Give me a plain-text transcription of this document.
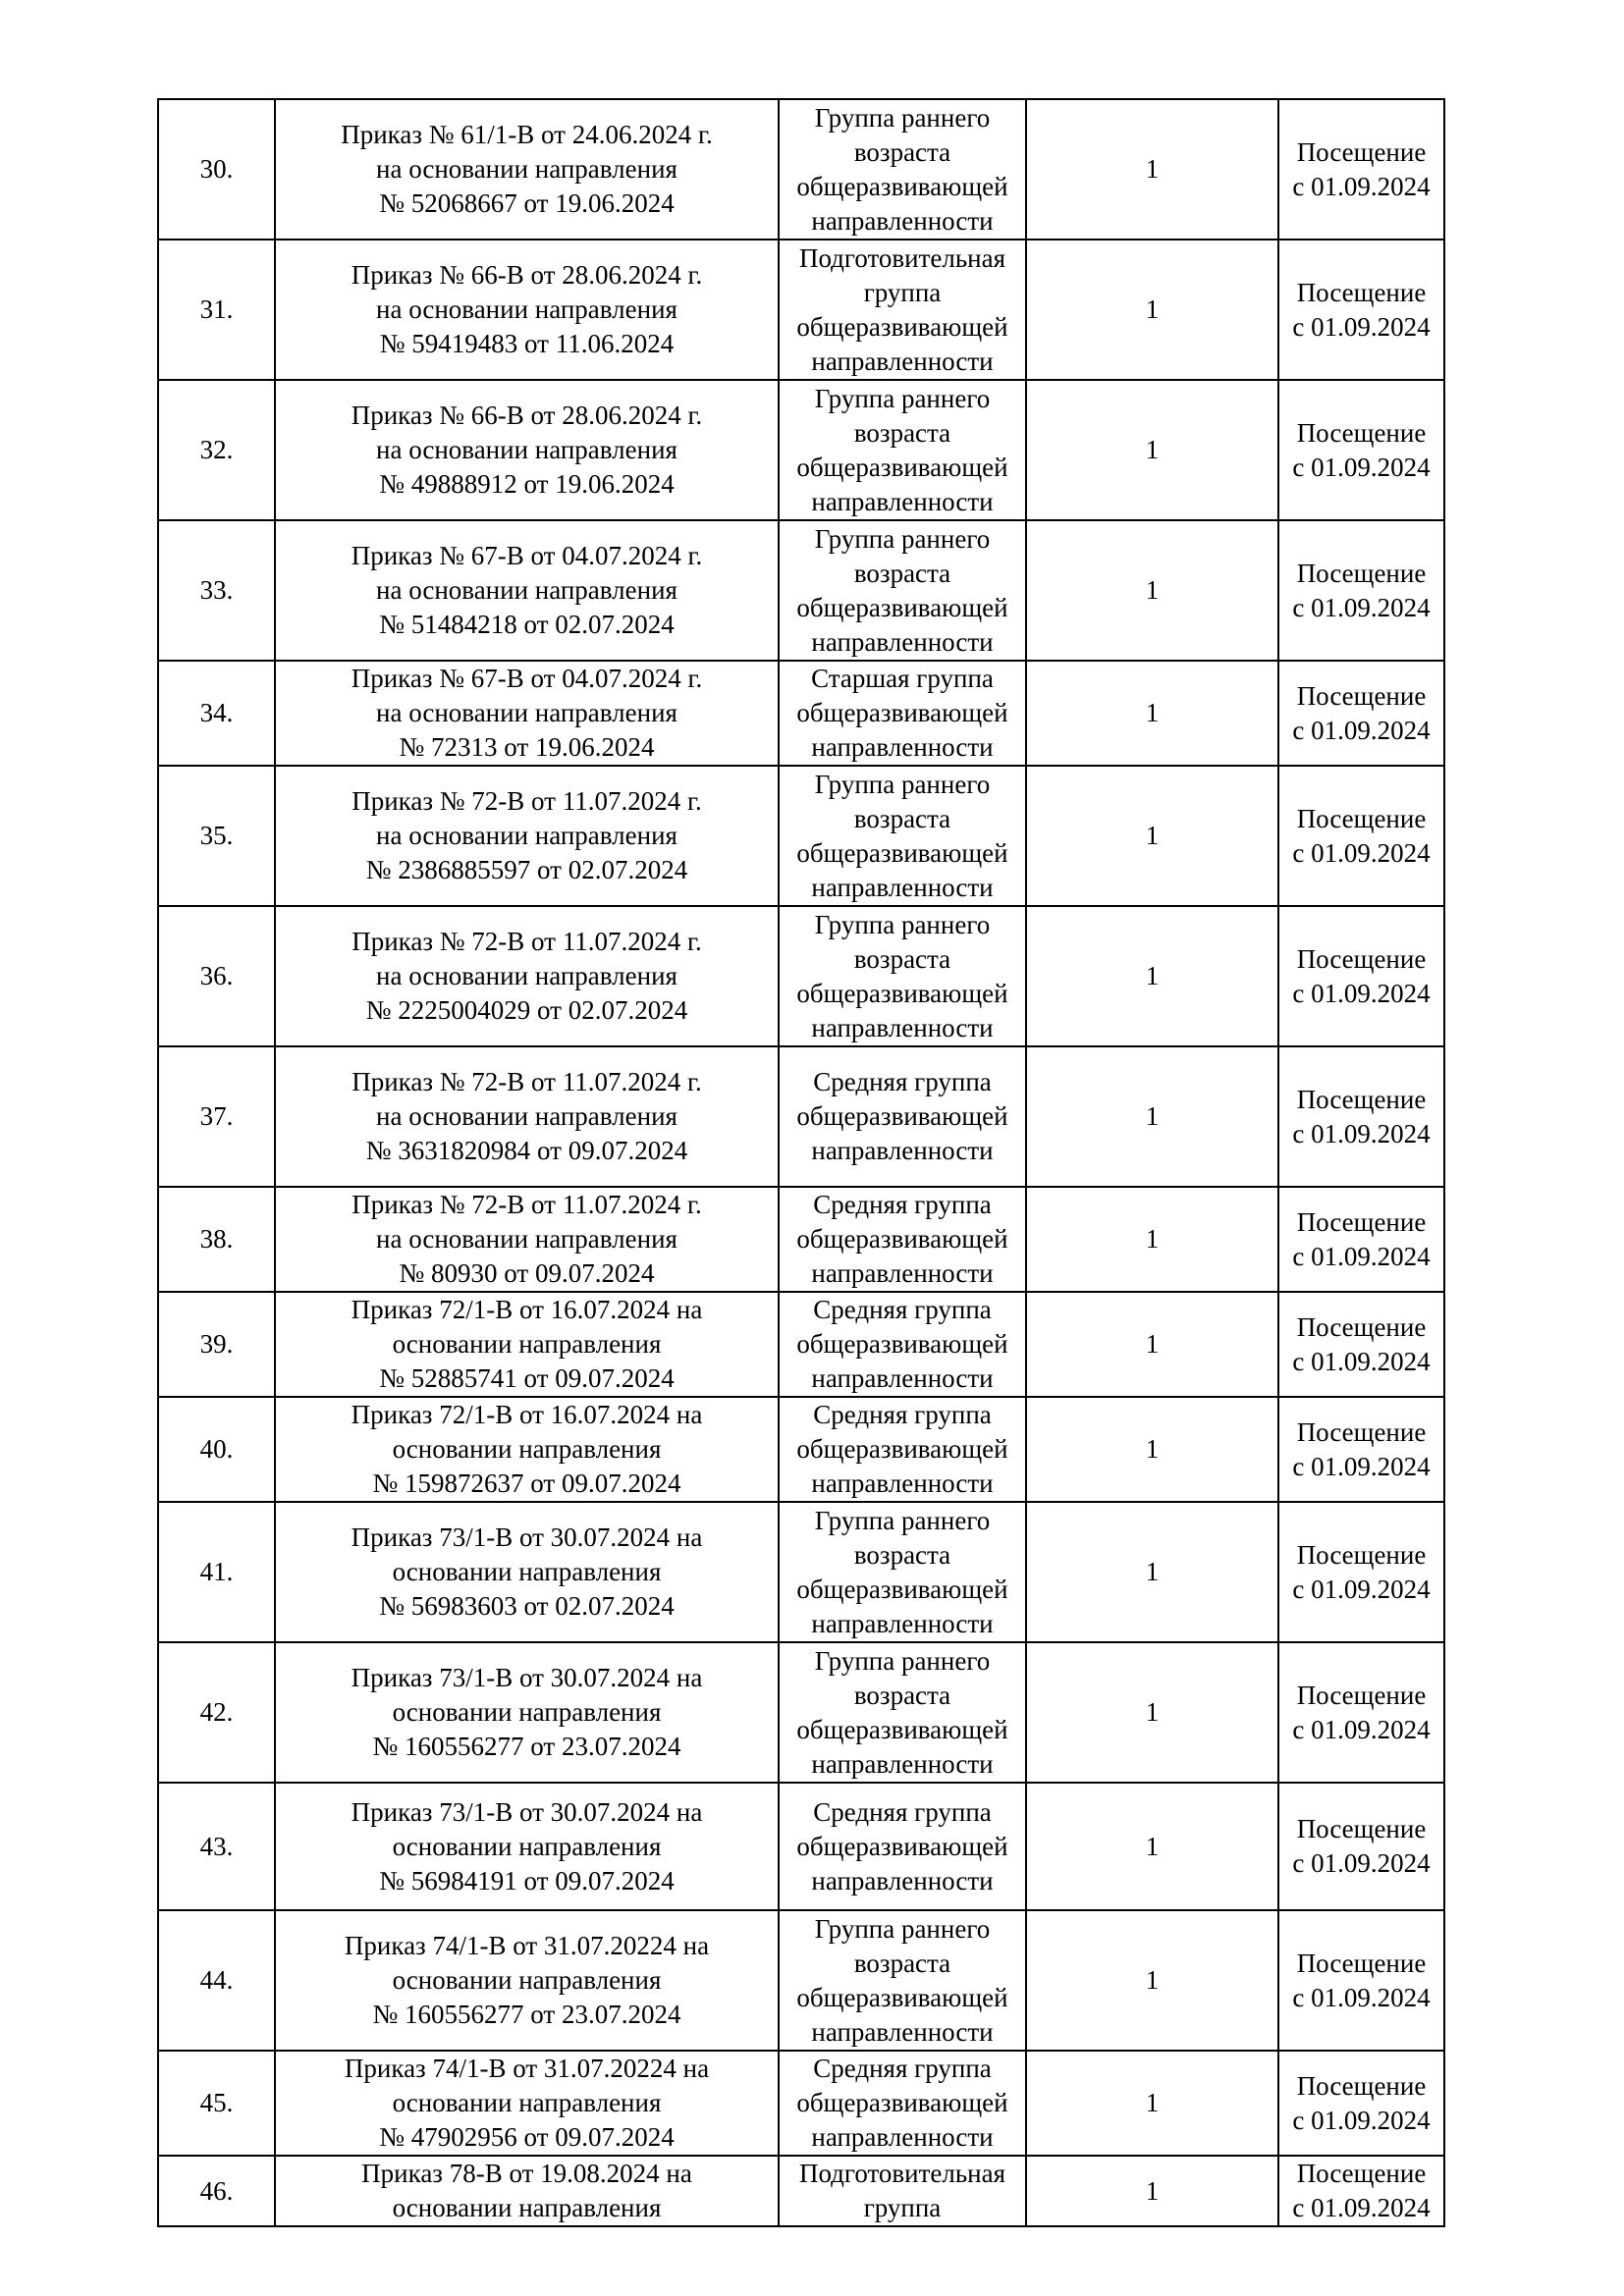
30.	Приказ № 61/1-В от 24.06.2024 г.
на основании направления
№ 52068667 от 19.06.2024	Группа раннего
возраста
общеразвивающей
направленности	1	Посещение
с 01.09.2024
31.	Приказ № 66-В от 28.06.2024 г.
на основании направления
№ 59419483 от 11.06.2024	Подготовительная
группа
общеразвивающей
направленности	1	Посещение
с 01.09.2024
32.	Приказ № 66-В от 28.06.2024 г.
на основании направления
№ 49888912 от 19.06.2024	Группа раннего
возраста
общеразвивающей
направленности	1	Посещение
с 01.09.2024
33.	Приказ № 67-В от 04.07.2024 г.
на основании направления
№ 51484218 от 02.07.2024	Группа раннего
возраста
общеразвивающей
направленности	1	Посещение
с 01.09.2024
34.	Приказ № 67-В от 04.07.2024 г.
на основании направления
№ 72313 от 19.06.2024	Старшая группа
общеразвивающей
направленности	1	Посещение
с 01.09.2024
35.	Приказ № 72-В от 11.07.2024 г.
на основании направления
№ 2386885597 от 02.07.2024	Группа раннего
возраста
общеразвивающей
направленности	1	Посещение
с 01.09.2024
36.	Приказ № 72-В от 11.07.2024 г.
на основании направления
№ 2225004029 от 02.07.2024	Группа раннего
возраста
общеразвивающей
направленности	1	Посещение
с 01.09.2024
37.	Приказ № 72-В от 11.07.2024 г.
на основании направления
№ 3631820984 от 09.07.2024	Средняя группа
общеразвивающей
направленности	1	Посещение
с 01.09.2024
38.	Приказ № 72-В от 11.07.2024 г.
на основании направления
№ 80930 от 09.07.2024	Средняя группа
общеразвивающей
направленности	1	Посещение
с 01.09.2024
39.	Приказ 72/1-В от 16.07.2024 на
основании направления
№ 52885741 от 09.07.2024	Средняя группа
общеразвивающей
направленности	1	Посещение
с 01.09.2024
40.	Приказ 72/1-В от 16.07.2024 на
основании направления
№ 159872637 от 09.07.2024	Средняя группа
общеразвивающей
направленности	1	Посещение
с 01.09.2024
41.	Приказ 73/1-В от 30.07.2024 на
основании направления
№ 56983603 от 02.07.2024	Группа раннего
возраста
общеразвивающей
направленности	1	Посещение
с 01.09.2024
42.	Приказ 73/1-В от 30.07.2024 на
основании направления
№ 160556277 от 23.07.2024	Группа раннего
возраста
общеразвивающей
направленности	1	Посещение
с 01.09.2024
43.	Приказ 73/1-В от 30.07.2024 на
основании направления
№ 56984191 от 09.07.2024	Средняя группа
общеразвивающей
направленности	1	Посещение
с 01.09.2024
44.	Приказ 74/1-В от 31.07.20224 на
основании направления
№ 160556277 от 23.07.2024	Группа раннего
возраста
общеразвивающей
направленности	1	Посещение
с 01.09.2024
45.	Приказ 74/1-В от 31.07.20224 на
основании направления
№ 47902956 от 09.07.2024	Средняя группа
общеразвивающей
направленности	1	Посещение
с 01.09.2024
46.	Приказ 78-В от 19.08.2024 на
основании направления	Подготовительная
группа	1	Посещение
с 01.09.2024
